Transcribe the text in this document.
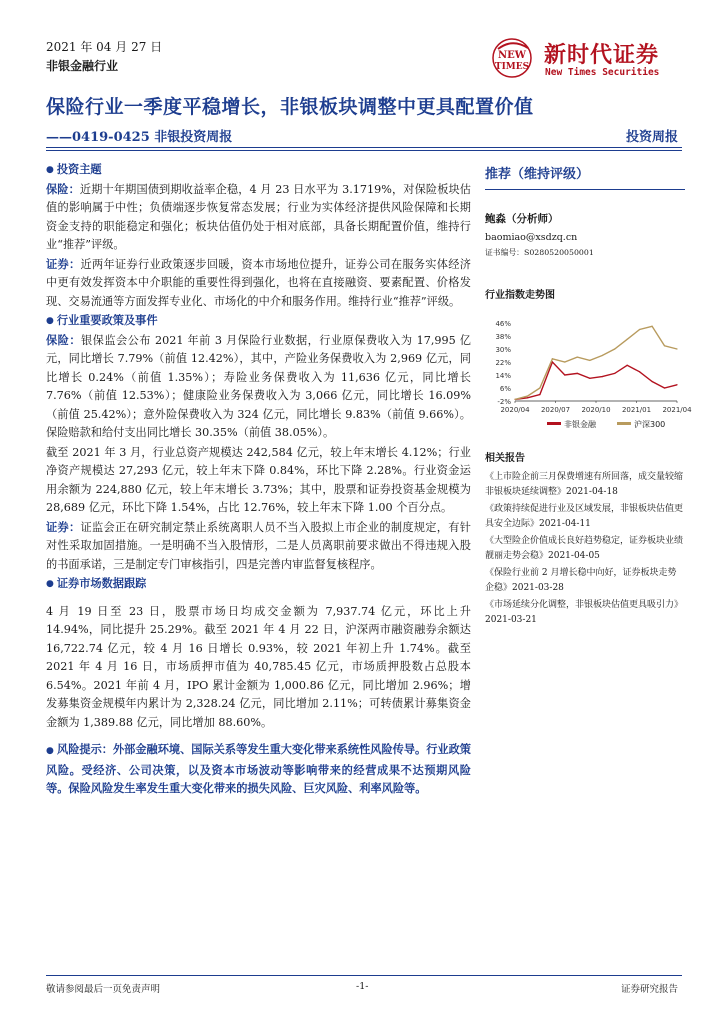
2021 年 04 月 27 日
非银金融行业
NEW
TIMES 新时代证券
New Times Securities
保险行业一季度平稳增长，非银板块调整中更具配置价值
——0419-0425 非银投资周报	投资周报
● 投资主题

保险：近期十年期国债到期收益率企稳，4 月 23 日水平为 3.1719%，对保险板块估值的影响属于中性；负债端逐步恢复常态发展；行业为实体经济提供风险保障和长期资金支持的职能稳定和强化；板块估值仍处于相对底部，具备长期配置价值，维持行业“推荐”评级。

证券：近两年证券行业政策逐步回暖，资本市场地位提升，证券公司在服务实体经济中更有效发挥资本中介职能的重要性得到强化，也将在直接融资、要素配置、价格发现、交易流通等方面发挥专业化、市场化的中介和服务作用。维持行业“推荐”评级。

● 行业重要政策及事件

保险：银保监会公布 2021 年前 3 月保险行业数据，行业原保费收入为 17,995 亿元，同比增长 7.79%（前值 12.42%），其中，产险业务保费收入为 2,969 亿元，同比增长 0.24%（前值 1.35%）；寿险业务保费收入为 11,636 亿元，同比增长 7.76%（前值 12.53%）；健康险业务保费收入为 3,066 亿元，同比增长 16.09%（前值 25.42%）；意外险保费收入为 324 亿元，同比增长 9.83%（前值 9.66%）。保险赔款和给付支出同比增长 30.35%（前值 38.05%）。

截至 2021 年 3 月，行业总资产规模达 242,584 亿元，较上年末增长 4.12%；行业净资产规模达 27,293 亿元，较上年末下降 0.84%，环比下降 2.28%。行业资金运用余额为 224,880 亿元，较上年末增长 3.73%；其中，股票和证券投资基金规模为 28,689 亿元，环比下降 1.54%，占比 12.76%，较上年末下降 1.00 个百分点。

证券：证监会正在研究制定禁止系统离职人员不当入股拟上市企业的制度规定，有针对性采取加固措施。一是明确不当入股情形，二是人员离职前要求做出不得违规入股的书面承诺，三是制定专门审核指引，四是完善内审监督复核程序。

● 证券市场数据跟踪

4 月 19 日至 23 日，股票市场日均成交金额为 7,937.74 亿元，环比上升 14.94%，同比提升 25.29%。截至 2021 年 4 月 22 日，沪深两市融资融券余额达 16,722.74 亿元，较 4 月 16 日增长 0.93%，较 2021 年初上升 1.74%。截至 2021 年 4 月 16 日，市场质押市值为 40,785.45 亿元，市场质押股数占总股本 6.54%。2021 年前 4 月，IPO 累计金额为 1,000.86 亿元，同比增加 2.96%；增发募集资金规模年内累计为 2,328.24 亿元，同比增加 2.11%；可转债累计募集资金金额为 1,389.88 亿元，同比增加 88.60%。

● 风险提示：外部金融环境、国际关系等发生重大变化带来系统性风险传导。行业政策风险。受经济、公司决策，以及资本市场波动等影响带来的经营成果不达预期风险等。保险风险发生率发生重大变化带来的损失风险、巨灾风险、利率风险等。
推荐（维持评级）
鲍淼（分析师）
baomiao@xsdzq.cn
证书编号：S0280520050001
行业指数走势图
-2%
6%
14%
22%
30%
38%
46%
2020/04 2020/07 2020/10 2021/01 2021/04
非银金融	沪深300
相关报告
《上市险企前三月保费增速有所回落，成交量较缩非银板块延续调整》2021-04-18
《政策持续促进行业及区域发展，非银板块估值更具安全边际》2021-04-11
《大型险企价值成长良好趋势稳定，证券板块业绩靓丽走势会稳》2021-04-05
《保险行业前 2 月增长稳中向好，证券板块走势企稳》2021-03-28
《市场延续分化调整，非银板块估值更具吸引力》2021-03-21
敬请参阅最后一页免责声明	-1-	证券研究报告
